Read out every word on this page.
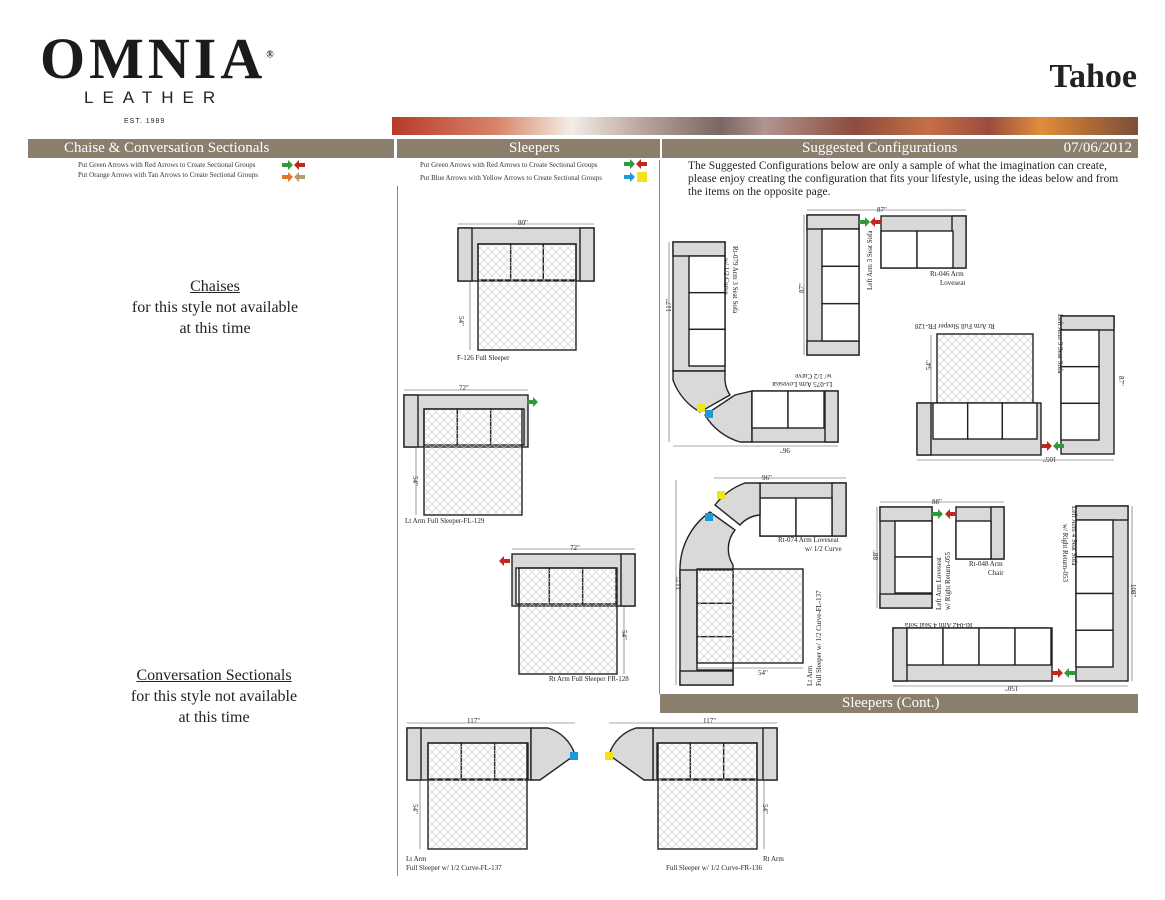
OMNIA®
LEATHER
EST. 1989
Tahoe
Chaise & Conversation Sectionals	Sleepers	Suggested Configurations	07/06/2012
Put Green Arrows with Red Arrows to Create Sectional Groups
Put Orange Arrows with Tan Arrows to Create Sectional Groups
Put Green Arrows with Red Arrows to Create Sectional Groups
Put Blue Arrows with Yellow Arrows to Create Sectional Groups
The Suggested Configurations below are only a sample of what the imagination can create, please enjoy creating the configuration that fits your lifestyle, using the ideas below and from the items on the opposite page.
Chaises
for this style not available
at this time
Conversation Sectionals
for this style not available
at this time
Sleepers (Cont.)
80"
54"
F-126 Full Sleeper
72"
54"
Lt Arm Full Sleeper-FL-129
72"
54"
Rt Arm Full Sleeper FR-128
117"
54"
Lt Arm
Full Sleeper w/ 1/2 Curve-FL-137
117"
54"
Rt Arm
Full Sleeper w/ 1/2 Curve-FR-136
Rt-079 Arm 3 Seat Sofa
w/ 1/2 Curve
117"
Lt-075 Arm Loveseat
w/ 1/2 Curve
96"
87"
87"	Left Arm 3 Seat Sofa	Rt-046 Arm
Loveseat
Rt Arm Full Sleeper FR-128	Left Arm 3 Seat Sofa
54"
87"
105"
96"
Rt-074 Arm Loveseat
w/ 1/2 Curve
117"
54"	Lt Arm Full Sleeper w/ 1/2 Curve-FL-137
88"
88"
Left Arm Loveseat w/ Right Return-055 Rt-048 Arm
Chair
Left Arm 4 Seat Sofa
w/ Right Return-053
108"
Rt-042 Arm 4 Seat Sofa
150"
